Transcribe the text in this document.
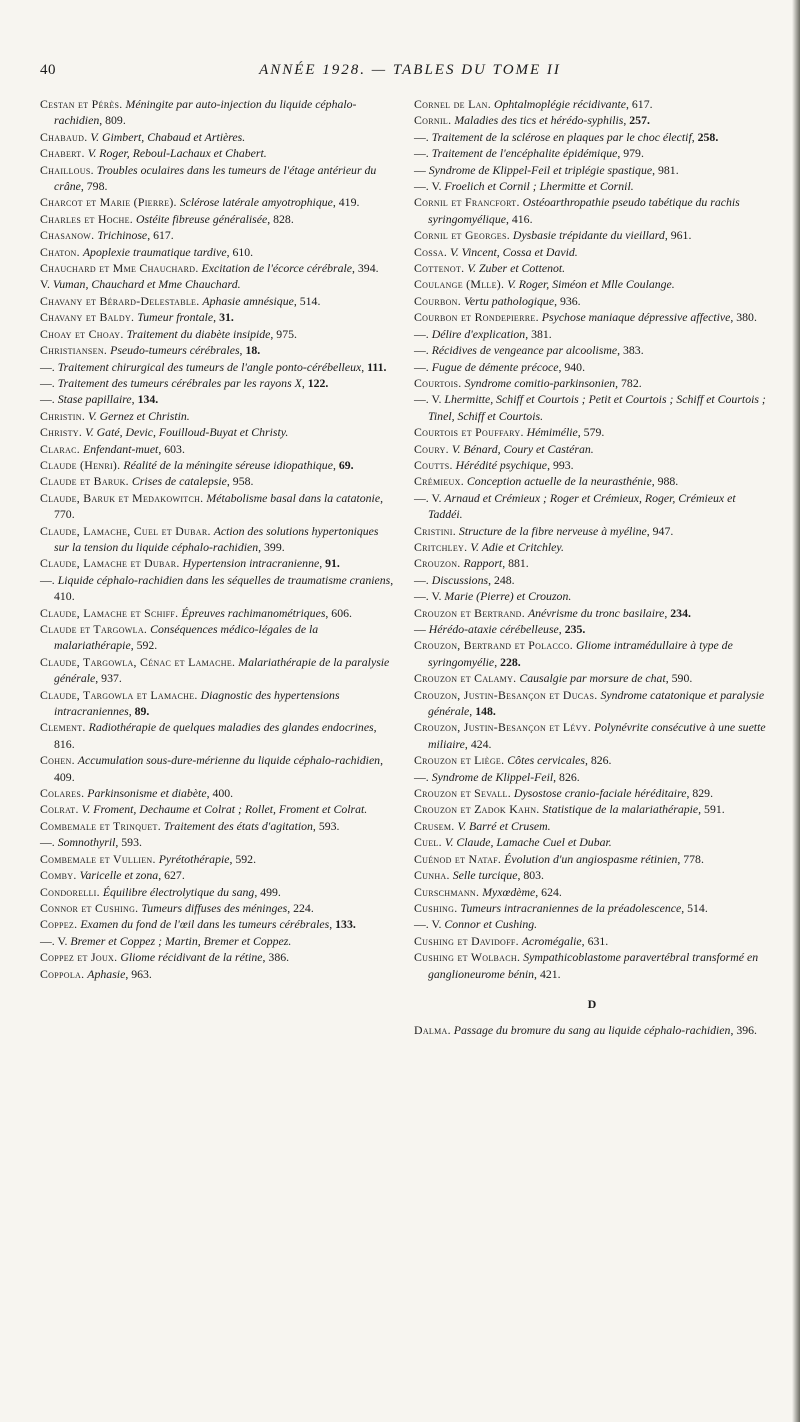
40	ANNÉE 1928. — TABLES DU TOME II

Cestan et Pérès. Méningite par auto-injection du liquide céphalo-rachidien, 809.

Chabaud. V. Gimbert, Chabaud et Artières.

Chabert. V. Roger, Reboul-Lachaux et Chabert.

Chaillous. Troubles oculaires dans les tumeurs de l'étage antérieur du crâne, 798.

Charcot et Marie (Pierre). Sclérose latérale amyotrophique, 419.

Charles et Hoche. Ostéite fibreuse généralisée, 828.

Chasanow. Trichinose, 617.

Chaton. Apoplexie traumatique tardive, 610.

Chauchard et Mme Chauchard. Excitation de l'écorce cérébrale, 394.

V. Vuman, Chauchard et Mme Chauchard.

Chavany et Bérard-Delestable. Aphasie amnésique, 514.

Chavany et Baldy. Tumeur frontale, 31.

Choay et Choay. Traitement du diabète insipide, 975.

Christiansen. Pseudo-tumeurs cérébrales, 18.

—. Traitement chirurgical des tumeurs de l'angle ponto-cérébelleux, 111.

—. Traitement des tumeurs cérébrales par les rayons X, 122.

—. Stase papillaire, 134.

Christin. V. Gernez et Christin.

Christy. V. Gaté, Devic, Fouilloud-Buyat et Christy.

Clarac. Enfendant-muet, 603.

Claude (Henri). Réalité de la méningite séreuse idiopathique, 69.

Claude et Baruk. Crises de catalepsie, 958.

Claude, Baruk et Medakowitch. Métabolisme basal dans la catatonie, 770.

Claude, Lamache, Cuel et Dubar. Action des solutions hypertoniques sur la tension du liquide céphalo-rachidien, 399.

Claude, Lamache et Dubar. Hypertension intracranienne, 91.

—. Liquide céphalo-rachidien dans les séquelles de traumatisme craniens, 410.

Claude, Lamache et Schiff. Épreuves rachimanométriques, 606.

Claude et Targowla. Conséquences médico-légales de la malariathérapie, 592.

Claude, Targowla, Cénac et Lamache. Malariathérapie de la paralysie générale, 937.

Claude, Targowla et Lamache. Diagnostic des hypertensions intracraniennes, 89.

Clement. Radiothérapie de quelques maladies des glandes endocrines, 816.

Cohen. Accumulation sous-dure-mérienne du liquide céphalo-rachidien, 409.

Colares. Parkinsonisme et diabète, 400.

Colrat. V. Froment, Dechaume et Colrat ; Rollet, Froment et Colrat.

Combemale et Trinquet. Traitement des états d'agitation, 593.

—. Somnothyril, 593.

Combemale et Vullien. Pyrétothérapie, 592.

Comby. Varicelle et zona, 627.

Condorelli. Équilibre électrolytique du sang, 499.

Connor et Cushing. Tumeurs diffuses des méninges, 224.

Coppez. Examen du fond de l'œil dans les tumeurs cérébrales, 133.

—. V. Bremer et Coppez ; Martin, Bremer et Coppez.

Coppez et Joux. Gliome récidivant de la rétine, 386.

Coppola. Aphasie, 963.

Cornel de Lan. Ophtalmoplégie récidivante, 617.

Cornil. Maladies des tics et hérédo-syphilis, 257.

—. Traitement de la sclérose en plaques par le choc électif, 258.

—. Traitement de l'encéphalite épidémique, 979.

— Syndrome de Klippel-Feil et triplégie spastique, 981.

—. V. Froelich et Cornil ; Lhermitte et Cornil.

Cornil et Francfort. Ostéoarthropathie pseudo tabétique du rachis syringomyélique, 416.

Cornil et Georges. Dysbasie trépidante du vieillard, 961.

Cossa. V. Vincent, Cossa et David.

Cottenot. V. Zuber et Cottenot.

Coulange (Mlle). V. Roger, Siméon et Mlle Coulange.

Courbon. Vertu pathologique, 936.

Courbon et Rondepierre. Psychose maniaque dépressive affective, 380.

—. Délire d'explication, 381.

—. Récidives de vengeance par alcoolisme, 383.

—. Fugue de démente précoce, 940.

Courtois. Syndrome comitio-parkinsonien, 782.

—. V. Lhermitte, Schiff et Courtois ; Petit et Courtois ; Schiff et Courtois ; Tinel, Schiff et Courtois.

Courtois et Pouffary. Hémimélie, 579.

Coury. V. Bénard, Coury et Castéran.

Coutts. Hérédité psychique, 993.

Crémieux. Conception actuelle de la neurasthénie, 988.

—. V. Arnaud et Crémieux ; Roger et Crémieux, Roger, Crémieux et Taddéi.

Cristini. Structure de la fibre nerveuse à myéline, 947.

Critchley. V. Adie et Critchley.

Crouzon. Rapport, 881.

—. Discussions, 248.

—. V. Marie (Pierre) et Crouzon.

Crouzon et Bertrand. Anévrisme du tronc basilaire, 234.

— Hérédo-ataxie cérébelleuse, 235.

Crouzon, Bertrand et Polacco. Gliome intramédullaire à type de syringomyélie, 228.

Crouzon et Calamy. Causalgie par morsure de chat, 590.

Crouzon, Justin-Besançon et Ducas. Syndrome catatonique et paralysie générale, 148.

Crouzon, Justin-Besançon et Lévy. Polynévrite consécutive à une suette miliaire, 424.

Crouzon et Liège. Côtes cervicales, 826.

—. Syndrome de Klippel-Feil, 826.

Crouzon et Sevall. Dysostose cranio-faciale héréditaire, 829.

Crouzon et Zadok Kahn. Statistique de la malariathérapie, 591.

Crusem. V. Barré et Crusem.

Cuel. V. Claude, Lamache Cuel et Dubar.

Cuénod et Nataf. Évolution d'un angiospasme rétinien, 778.

Cunha. Selle turcique, 803.

Curschmann. Myxœdème, 624.

Cushing. Tumeurs intracraniennes de la préadolescence, 514.

—. V. Connor et Cushing.

Cushing et Davidoff. Acromégalie, 631.

Cushing et Wolbach. Sympathicoblastome paravertébral transformé en ganglioneurome bénin, 421.

D

Dalma. Passage du bromure du sang au liquide céphalo-rachidien, 396.
